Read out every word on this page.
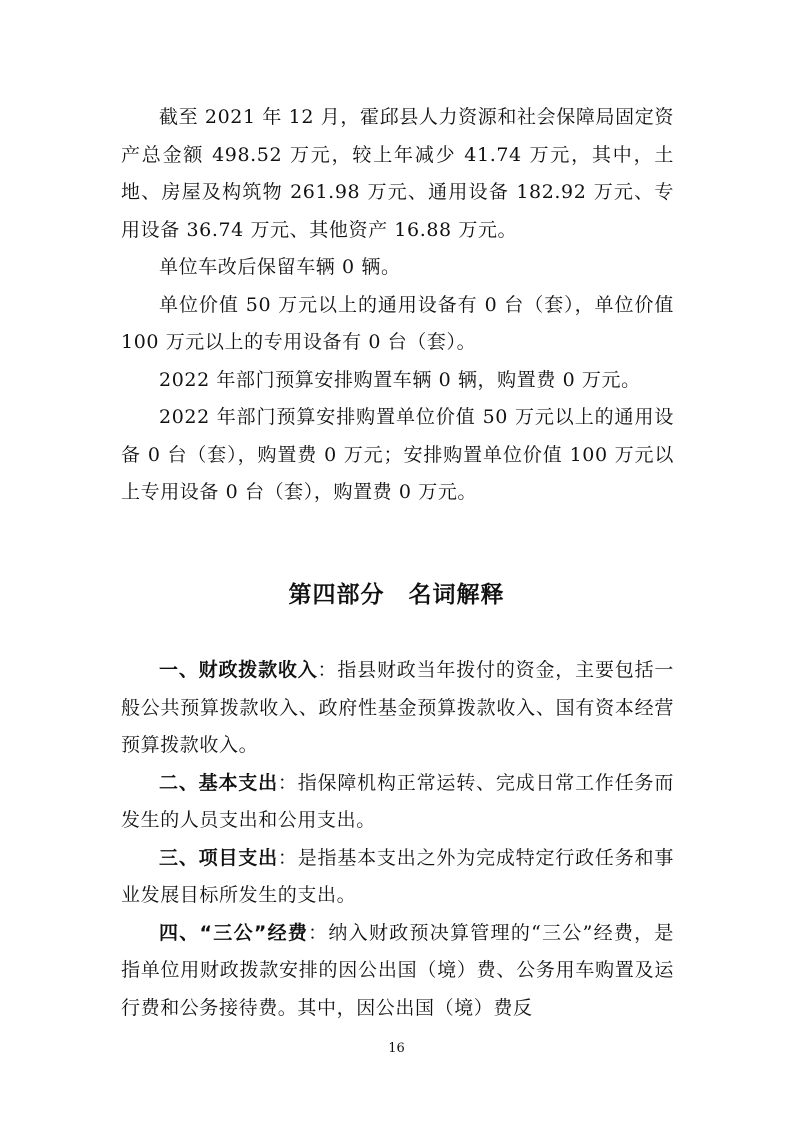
截至 2021 年 12 月，霍邱县人力资源和社会保障局固定资产总金额 498.52 万元，较上年减少 41.74 万元，其中，土地、房屋及构筑物 261.98 万元、通用设备 182.92 万元、专用设备 36.74 万元、其他资产 16.88 万元。

单位车改后保留车辆 0 辆。

单位价值 50 万元以上的通用设备有 0 台（套），单位价值 100 万元以上的专用设备有 0 台（套）。

2022 年部门预算安排购置车辆 0 辆，购置费 0 万元。

2022 年部门预算安排购置单位价值 50 万元以上的通用设备 0 台（套），购置费 0 万元；安排购置单位价值 100 万元以上专用设备 0 台（套），购置费 0 万元。

第四部分　名词解释

一、财政拨款收入：指县财政当年拨付的资金，主要包括一般公共预算拨款收入、政府性基金预算拨款收入、国有资本经营预算拨款收入。

二、基本支出：指保障机构正常运转、完成日常工作任务而发生的人员支出和公用支出。

三、项目支出：是指基本支出之外为完成特定行政任务和事业发展目标所发生的支出。

四、“三公”经费：纳入财政预决算管理的“三公”经费，是指单位用财政拨款安排的因公出国（境）费、公务用车购置及运行费和公务接待费。其中，因公出国（境）费反

16
